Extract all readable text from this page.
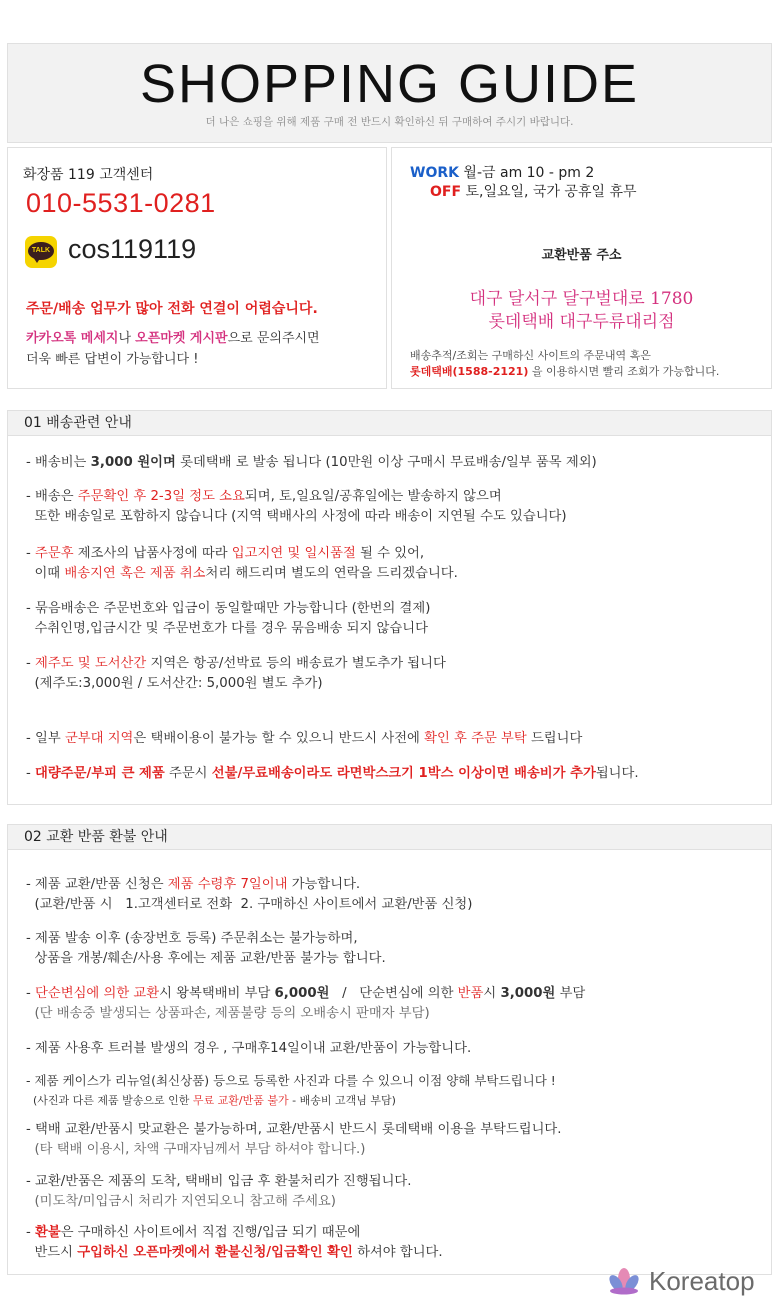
SHOPPING GUIDE
더 나은 쇼핑을 위해 제품 구매 전 반드시 확인하신 뒤 구매하여 주시기 바랍니다.
화장품 119 고객센터
010-5531-0281
TALK cos119119
주문/배송 업무가 많아 전화 연결이 어렵습니다.
카카오톡 메세지나 오픈마켓 게시판으로 문의주시면
더욱 빠른 답변이 가능합니다 !
WORK 월-금 am 10 - pm 2
OFF 토,일요일, 국가 공휴일 휴무
교환반품 주소
대구 달서구 달구벌대로 1780
롯데택배 대구두류대리점
배송추적/조회는 구매하신 사이트의 주문내역 혹은
롯데택배(1588-2121) 을 이용하시면 빨리 조회가 가능합니다.
01 배송관련 안내
- 배송비는 3,000 원이며 롯데택배 로 발송 됩니다 (10만원 이상 구매시 무료배송/일부 품목 제외)
- 배송은 주문확인 후 2-3일 정도 소요되며, 토,일요일/공휴일에는 발송하지 않으며
또한 배송일로 포함하지 않습니다 (지역 택배사의 사정에 따라 배송이 지연될 수도 있습니다)
- 주문후 제조사의 납품사정에 따라 입고지연 및 일시품절 될 수 있어,
이때 배송지연 혹은 제품 취소처리 해드리며 별도의 연락을 드리겠습니다.
- 묶음배송은 주문번호와 입금이 동일할때만 가능합니다 (한번의 결제)
수취인명,입금시간 및 주문번호가 다를 경우 묶음배송 되지 않습니다
- 제주도 및 도서산간 지역은 항공/선박료 등의 배송료가 별도추가 됩니다
(제주도:3,000원 / 도서산간: 5,000원 별도 추가)
- 일부 군부대 지역은 택배이용이 불가능 할 수 있으니 반드시 사전에 확인 후 주문 부탁 드립니다
- 대량주문/부피 큰 제품 주문시 선불/무료배송이라도 라면박스크기 1박스 이상이면 배송비가 추가됩니다.
02 교환 반품 환불 안내
- 제품 교환/반품 신청은 제품 수령후 7일이내 가능합니다.
(교환/반품 시   1.고객센터로 전화  2. 구매하신 사이트에서 교환/반품 신청)
- 제품 발송 이후 (송장번호 등록) 주문취소는 불가능하며,
상품을 개봉/훼손/사용 후에는 제품 교환/반품 불가능 합니다.
- 단순변심에 의한 교환시 왕복택배비 부담 6,000원   /   단순변심에 의한 반품시 3,000원 부담
(단 배송중 발생되는 상품파손, 제품불량 등의 오배송시 판매자 부담)
- 제품 사용후 트러블 발생의 경우 , 구매후14일이내 교환/반품이 가능합니다.
- 제품 케이스가 리뉴얼(최신상품) 등으로 등록한 사진과 다를 수 있으니 이점 양해 부탁드립니다 !
(사진과 다른 제품 발송으로 인한 무료 교환/반품 불가 - 배송비 고객님 부담)
- 택배 교환/반품시 맞교환은 불가능하며, 교환/반품시 반드시 롯데택배 이용을 부탁드립니다.
(타 택배 이용시, 차액 구매자님께서 부담 하셔야 합니다.)
- 교환/반품은 제품의 도착, 택배비 입금 후 환불처리가 진행됩니다.
(미도착/미입금시 처리가 지연되오니 참고해 주세요)
- 환불은 구매하신 사이트에서 직접 진행/입금 되기 때문에
반드시 구입하신 오픈마켓에서 환불신청/입금확인 확인 하셔야 합니다.
Koreatop
